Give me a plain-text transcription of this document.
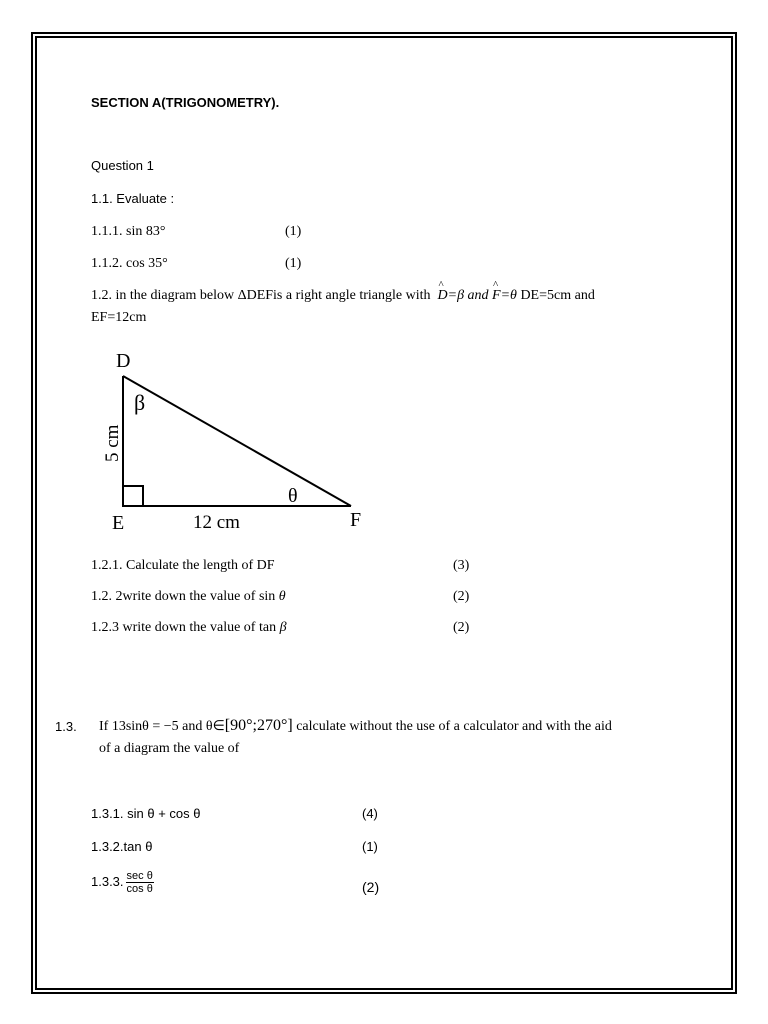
SECTION A(TRIGONOMETRY).
Question 1
1.1. Evaluate :
1.1.1. sin 83°	(1)
1.1.2. cos 35°	(1)
1.2. in the diagram below ΔDEFis a right angle triangle with ^ D=β and ^ F=θ DE=5cm and
EF=12cm
D
E	F
β
θ
12 cm
5 cm
1.2.1. Calculate the length of DF	(3)
1.2. 2write down the value of sin θ	(2)
1.2.3 write down the value of tan β	(2)
1.3. If 13sinθ = −5 and θ∈[90°;270°] calculate without the use of a calculator and with the aid
of a diagram the value of
1.3.1. sin θ + cos θ	(4)
1.3.2.tan θ	(1)
1.3.3. $\frac{\text{sec θ}}{\text{cos θ}}$	(2)
